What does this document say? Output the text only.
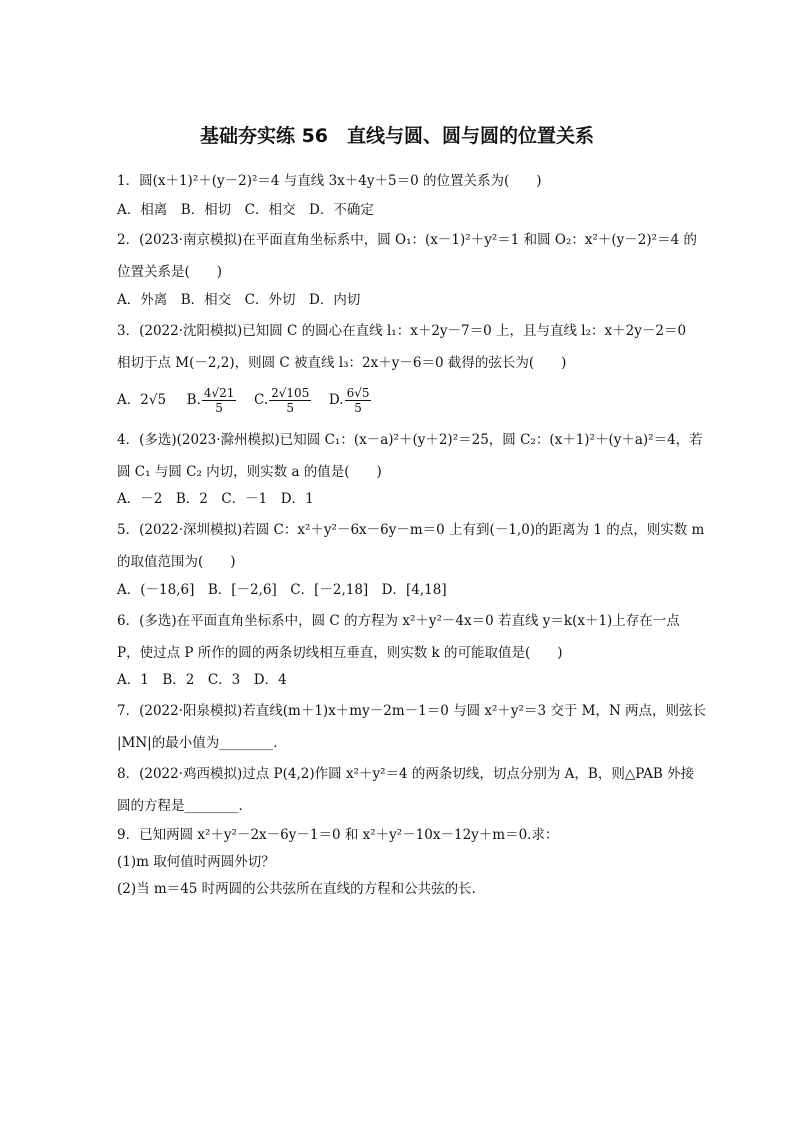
基础夯实练 56　直线与圆、圆与圆的位置关系
1．圆(x＋1)²＋(y－2)²＝4 与直线 3x＋4y＋5＝0 的位置关系为(　　)
A．相离　B．相切　C．相交　D．不确定
2．(2023·南京模拟)在平面直角坐标系中，圆 O₁：(x－1)²＋y²＝1 和圆 O₂：x²＋(y－2)²＝4 的
位置关系是(　　)
A．外离　B．相交　C．外切　D．内切
3．(2022·沈阳模拟)已知圆 C 的圆心在直线 l₁：x＋2y－7＝0 上，且与直线 l₂：x＋2y－2＝0
相切于点 M(－2,2)，则圆 C 被直线 l₃：2x＋y－6＝0 截得的弦长为(　　)
A．2√5 B. $\frac{4√21}{5} C$. $\frac{2√105}{5} D$. $\frac{6√5}{5}$
4．(多选)(2023·滁州模拟)已知圆 C₁：(x－a)²＋(y＋2)²＝25，圆 C₂：(x＋1)²＋(y＋a)²＝4，若
圆 C₁ 与圆 C₂ 内切，则实数 a 的值是(　　)
A．－2　B．2　C．－1　D．1
5．(2022·深圳模拟)若圆 C：x²＋y²－6x－6y－m＝0 上有到(－1,0)的距离为 1 的点，则实数 m
的取值范围为(　　)
A．(－18,6]　B．[－2,6]　C．[－2,18]　D．[4,18]
6．(多选)在平面直角坐标系中，圆 C 的方程为 x²＋y²－4x＝0 若直线 y＝k(x＋1)上存在一点
P，使过点 P 所作的圆的两条切线相互垂直，则实数 k 的可能取值是(　　)
A．1　B．2　C．3　D．4
7．(2022·阳泉模拟)若直线(m＋1)x＋my－2m－1＝0 与圆 x²＋y²＝3 交于 M，N 两点，则弦长
|MN|的最小值为________．
8．(2022·鸡西模拟)过点 P(4,2)作圆 x²＋y²＝4 的两条切线，切点分别为 A，B，则△PAB 外接
圆的方程是________．
9．已知两圆 x²＋y²－2x－6y－1＝0 和 x²＋y²－10x－12y＋m＝0.求：
(1)m 取何值时两圆外切？
(2)当 m＝45 时两圆的公共弦所在直线的方程和公共弦的长．
